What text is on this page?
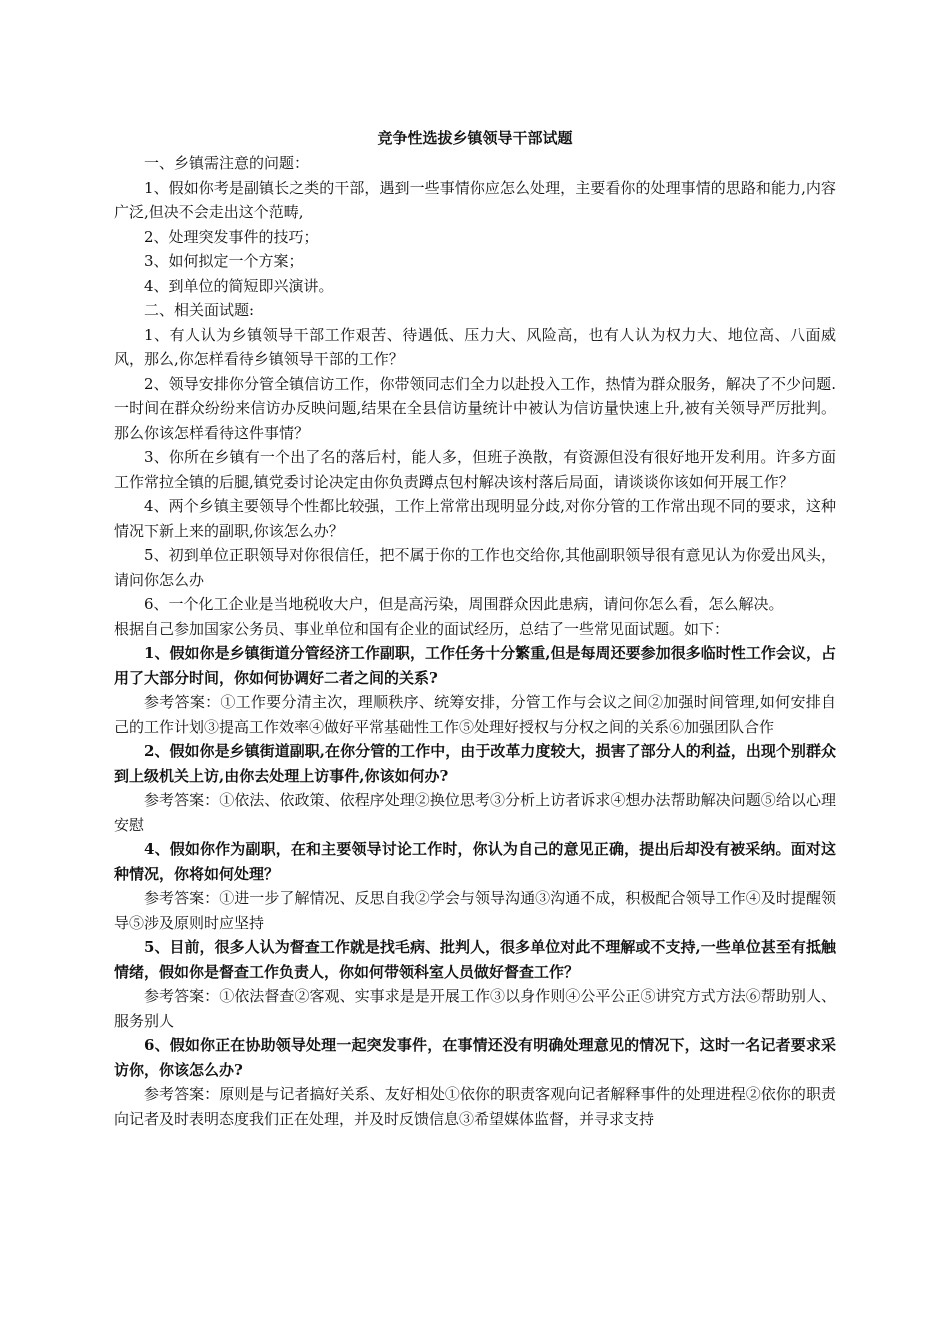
竞争性选拔乡镇领导干部试题

一、乡镇需注意的问题：

1、假如你考是副镇长之类的干部，遇到一些事情你应怎么处理，主要看你的处理事情的思路和能力,内容广泛,但决不会走出这个范畴,

2、处理突发事件的技巧；

3、如何拟定一个方案；

4、到单位的简短即兴演讲。

二、相关面试题:

1、有人认为乡镇领导干部工作艰苦、待遇低、压力大、风险高，也有人认为权力大、地位高、八面威风，那么,你怎样看待乡镇领导干部的工作？

2、领导安排你分管全镇信访工作，你带领同志们全力以赴投入工作，热情为群众服务，解决了不少问题.一时间在群众纷纷来信访办反映问题,结果在全县信访量统计中被认为信访量快速上升,被有关领导严厉批判。那么你该怎样看待这件事情？

3、你所在乡镇有一个出了名的落后村，能人多，但班子涣散，有资源但没有很好地开发利用。许多方面工作常拉全镇的后腿,镇党委讨论决定由你负责蹲点包村解决该村落后局面，请谈谈你该如何开展工作？

4、两个乡镇主要领导个性都比较强，工作上常常出现明显分歧,对你分管的工作常出现不同的要求，这种情况下新上来的副职,你该怎么办？

5、初到单位正职领导对你很信任，把不属于你的工作也交给你,其他副职领导很有意见认为你爱出风头，请问你怎么办

6、一个化工企业是当地税收大户，但是高污染，周围群众因此患病，请问你怎么看，怎么解决。

根据自己参加国家公务员、事业单位和国有企业的面试经历，总结了一些常见面试题。如下：

1、假如你是乡镇街道分管经济工作副职，工作任务十分繁重,但是每周还要参加很多临时性工作会议，占用了大部分时间，你如何协调好二者之间的关系?

参考答案：①工作要分清主次，理顺秩序、统筹安排，分管工作与会议之间②加强时间管理,如何安排自己的工作计划③提高工作效率④做好平常基础性工作⑤处理好授权与分权之间的关系⑥加强团队合作

2、假如你是乡镇街道副职,在你分管的工作中，由于改革力度较大，损害了部分人的利益，出现个别群众到上级机关上访,由你去处理上访事件,你该如何办?

参考答案：①依法、依政策、依程序处理②换位思考③分析上访者诉求④想办法帮助解决问题⑤给以心理安慰

4、假如你作为副职，在和主要领导讨论工作时，你认为自己的意见正确，提出后却没有被采纳。面对这种情况，你将如何处理？

参考答案：①进一步了解情况、反思自我②学会与领导沟通③沟通不成，积极配合领导工作④及时提醒领导⑤涉及原则时应坚持

5、目前，很多人认为督查工作就是找毛病、批判人，很多单位对此不理解或不支持,一些单位甚至有抵触情绪，假如你是督查工作负责人，你如何带领科室人员做好督查工作？

参考答案：①依法督查②客观、实事求是是开展工作③以身作则④公平公正⑤讲究方式方法⑥帮助别人、服务别人

6、假如你正在协助领导处理一起突发事件，在事情还没有明确处理意见的情况下，这时一名记者要求采访你，你该怎么办?

参考答案：原则是与记者搞好关系、友好相处①依你的职责客观向记者解释事件的处理进程②依你的职责向记者及时表明态度我们正在处理，并及时反馈信息③希望媒体监督，并寻求支持
